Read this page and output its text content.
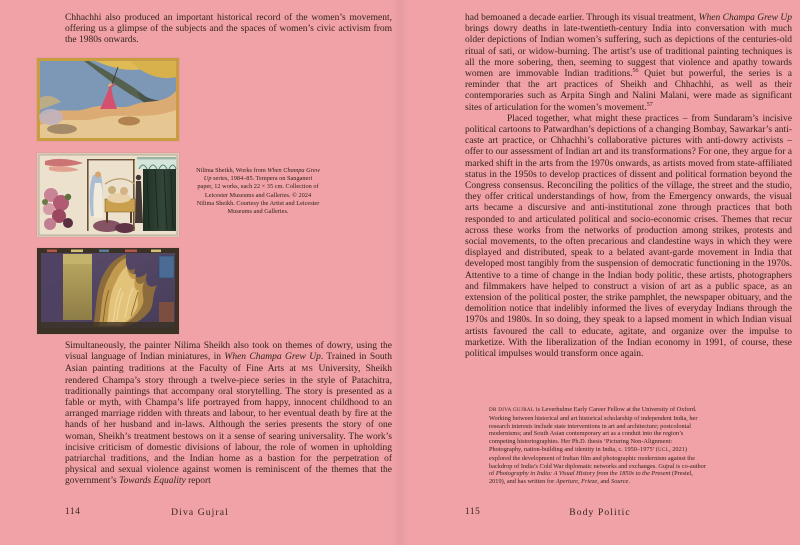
Chhachhi also produced an important historical record of the women’s movement, offering us a glimpse of the subjects and the spaces of women’s civic activism from the 1980s onwards.

Nilima Sheikh, Works from When Champa Grew Up series, 1984–85. Tempera on Sanganeri paper, 12 works, each 22 × 35 cm. Collection of Leicester Museums and Galleries. © 2024 Nilima Sheikh. Courtesy the Artist and Leicester Museums and Galleries.

Simultaneously, the painter Nilima Sheikh also took on themes of dowry, using the visual language of Indian miniatures, in When Champa Grew Up. Trained in South Asian painting traditions at the Faculty of Fine Arts at MS University, Sheikh rendered Champa’s story through a twelve-piece series in the style of Patachitra, traditionally paintings that accompany oral storytelling. The story is presented as a fable or myth, with Champa’s life portrayed from happy, innocent childhood to an arranged marriage ridden with threats and labour, to her eventual death by fire at the hands of her husband and in-laws. Although the series presents the story of one woman, Sheikh’s treatment bestows on it a sense of searing universality. The work’s incisive criticism of domestic divisions of labour, the role of women in upholding patriarchal traditions, and the Indian home as a bastion for the perpetration of physical and sexual violence against women is reminiscent of the themes that the government’s Towards Equality report

114	Diva Gujral

had bemoaned a decade earlier. Through its visual treatment, When Champa Grew Up brings dowry deaths in late-twentieth-century India into conversation with much older depictions of Indian women’s suffering, such as depictions of the centuries-old ritual of sati, or widow-burning. The artist’s use of traditional painting techniques is all the more sobering, then, seeming to suggest that violence and apathy towards women are immovable Indian traditions.$^{56}$ Quiet but powerful, the series is a reminder that the art practices of Sheikh and Chhachhi, as well as their contemporaries such as Arpita Singh and Nalini Malani, were made as significant sites of articulation for the women’s movement.$^{57}$

Placed together, what might these practices – from Sundaram’s incisive political cartoons to Patwardhan’s depictions of a changing Bombay, Sawarkar’s anti-caste art practice, or Chhachhi’s collaborative pictures with anti-dowry activists – offer to our assessment of Indian art and its transformations? For one, they argue for a marked shift in the arts from the 1970s onwards, as artists moved from state-affiliated status in the 1950s to develop practices of dissent and political formation beyond the Congress consensus. Reconciling the politics of the village, the street and the studio, they offer critical understandings of how, from the Emergency onwards, the visual arts became a discursive and anti-institutional zone through practices that both responded to and articulated political and socio-economic crises. Themes that recur across these works from the networks of production among strikes, protests and social movements, to the often precarious and clandestine ways in which they were displayed and distributed, speak to a belated avant-garde movement in India that developed most tangibly from the suspension of democratic functioning in the 1970s. Attentive to a time of change in the Indian body politic, these artists, photographers and filmmakers have helped to construct a vision of art as a public space, as an extension of the political poster, the strike pamphlet, the newspaper obituary, and the demolition notice that indelibly informed the lives of everyday Indians through the 1970s and 1980s. In so doing, they speak to a lapsed moment in which Indian visual artists favoured the call to educate, agitate, and organize over the impulse to marketize. With the liberalization of the Indian economy in 1991, of course, these political impulses would transform once again.

DR DIVA GUJRAL is Leverhulme Early Career Fellow at the University of Oxford. Working between historical and art historical scholarship of independent India, her research interests include state interventions in art and architecture; postcolonial modernisms; and South Asian contemporary art as a conduit into the region’s competing historiographies. Her Ph.D. thesis ‘Picturing Non-Alignment: Photography, nation-building and identity in India, c. 1950–1975’ (UCL, 2021) explored the development of Indian film and photographic modernism against the backdrop of India’s Cold War diplomatic networks and exchanges. Gujral is co-author of Photography in India: A Visual History from the 1850s to the Present (Prestel, 2019), and has written for Aperture, Frieze, and Source.
115	Body Politic
